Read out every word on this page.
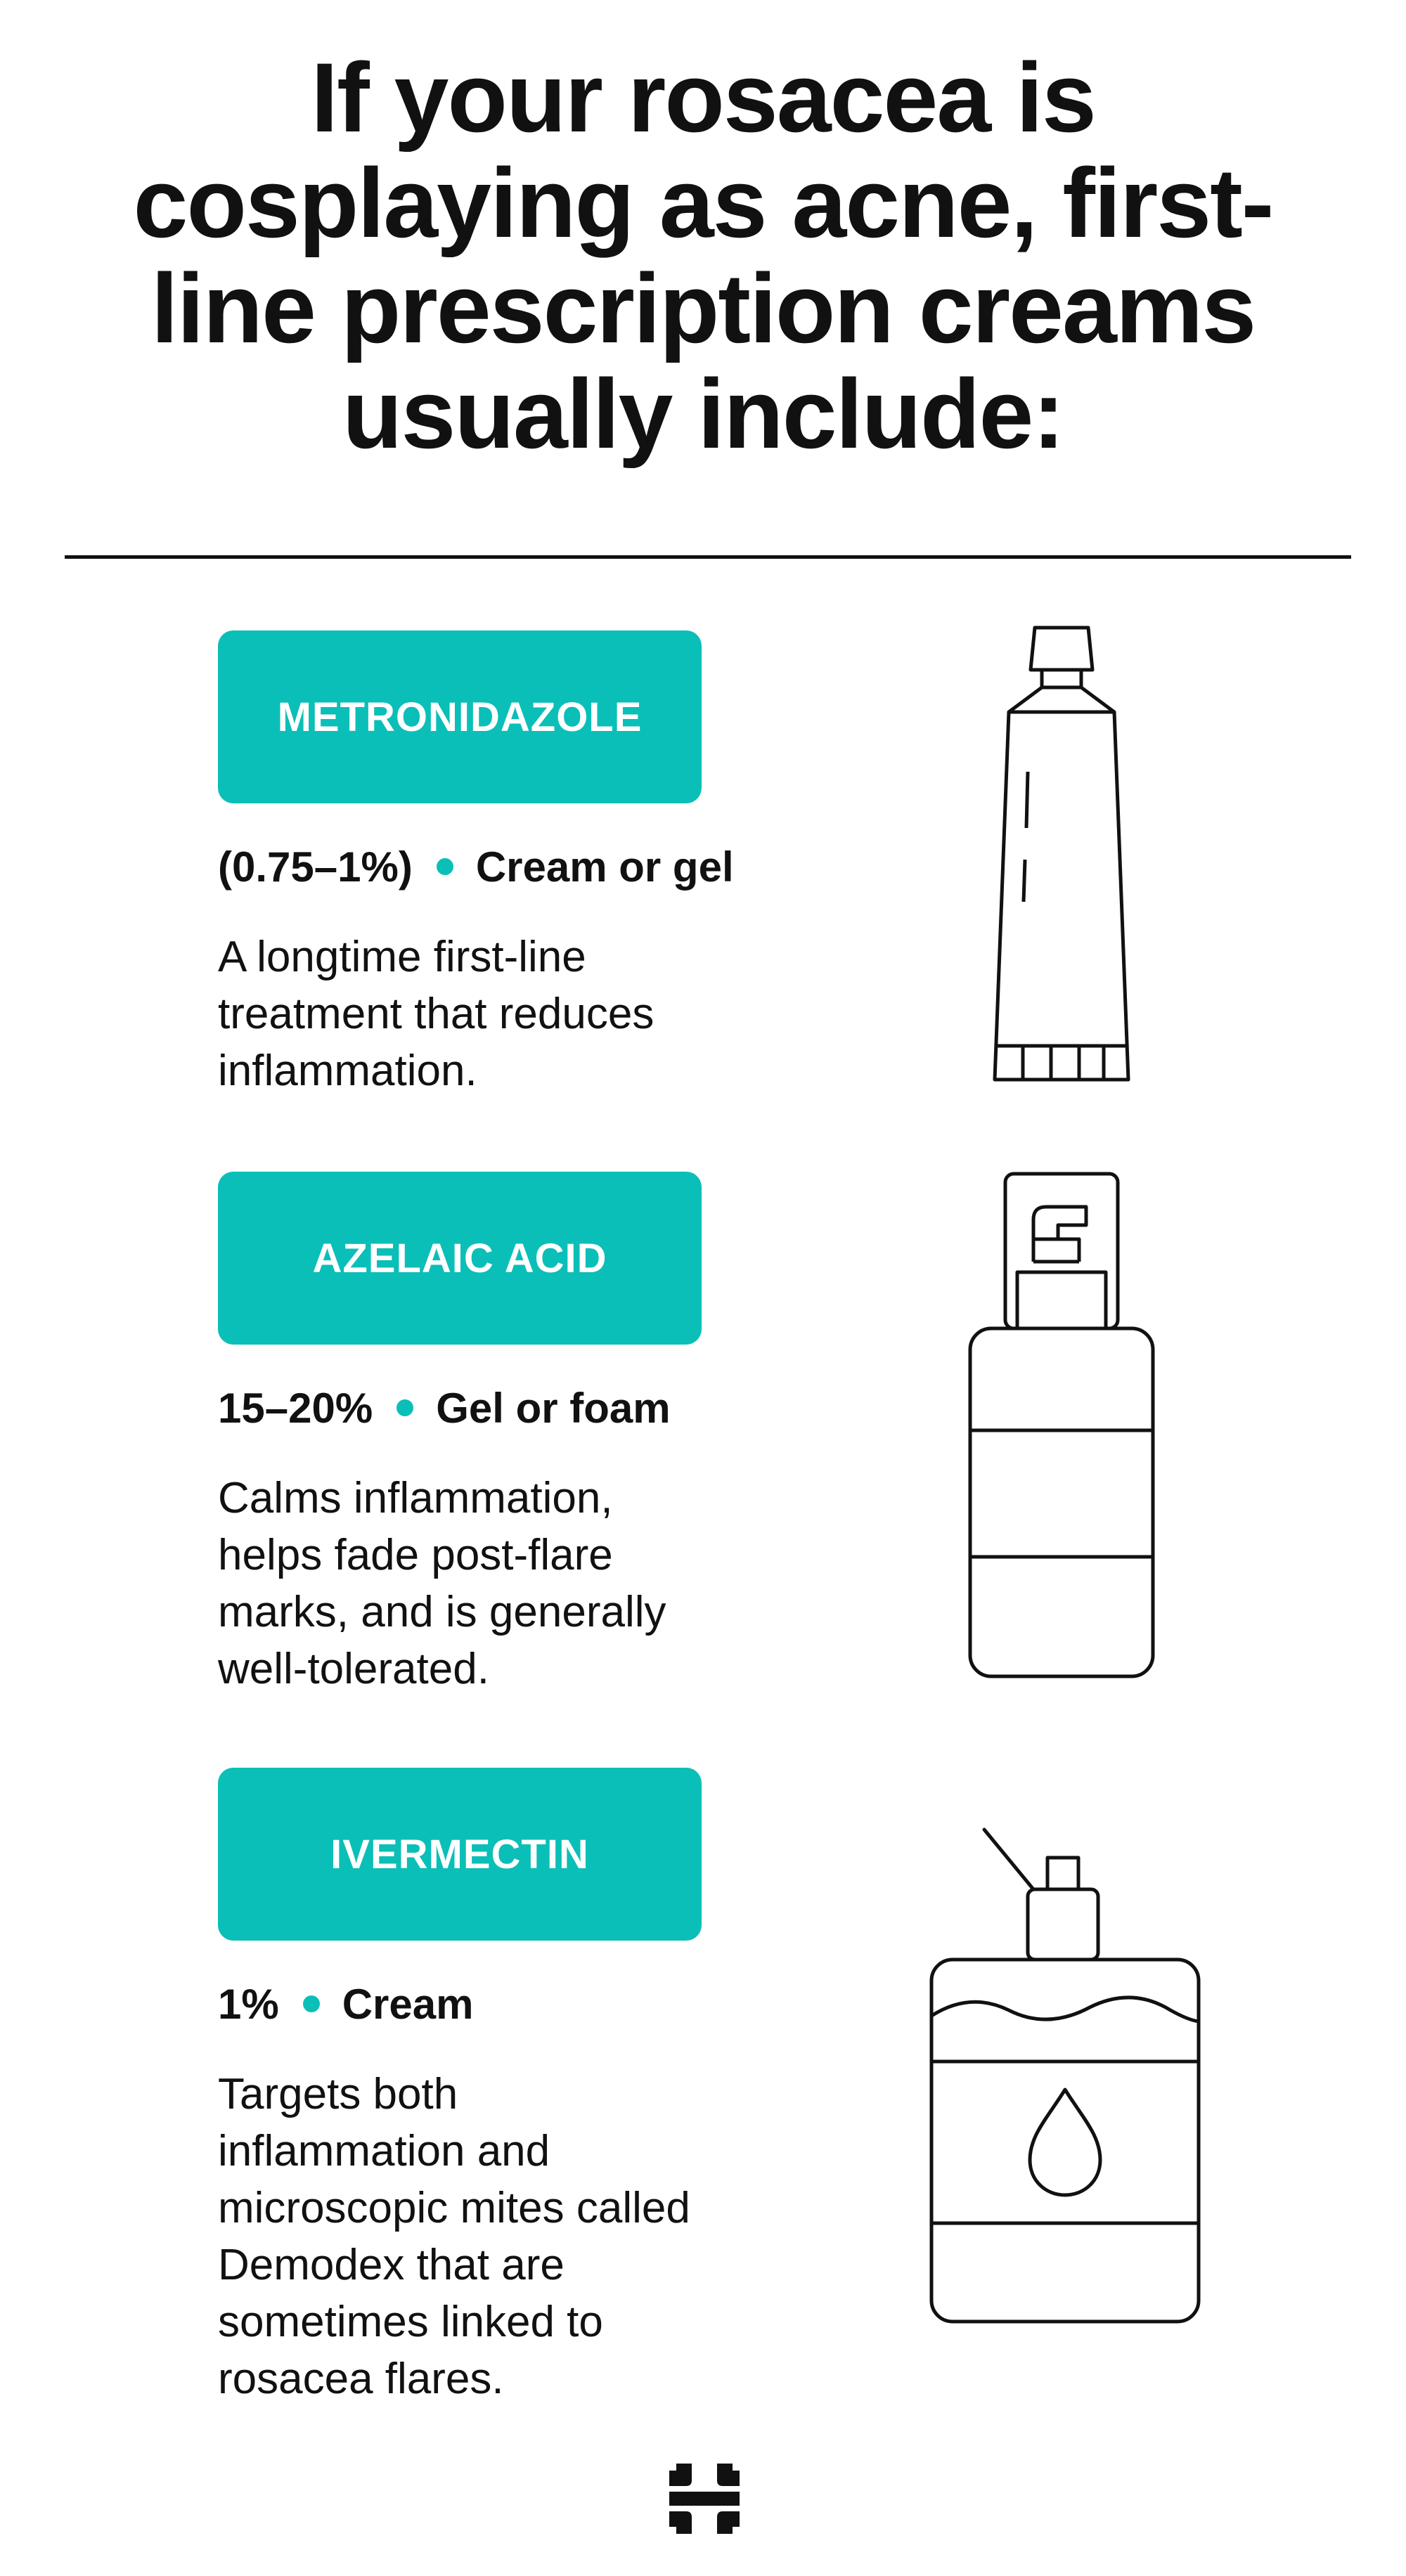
If your rosacea is
cosplaying as acne, first-
line prescription creams
usually include:
METRONIDAZOLE
(0.75–1%) Cream or gel
A longtime first-line
treatment that reduces
inflammation.
AZELAIC ACID
15–20% Gel or foam
Calms inflammation,
helps fade post-flare
marks, and is generally
well-tolerated.
IVERMECTIN
1% Cream
Targets both
inflammation and
microscopic mites called
Demodex that are
sometimes linked to
rosacea flares.
